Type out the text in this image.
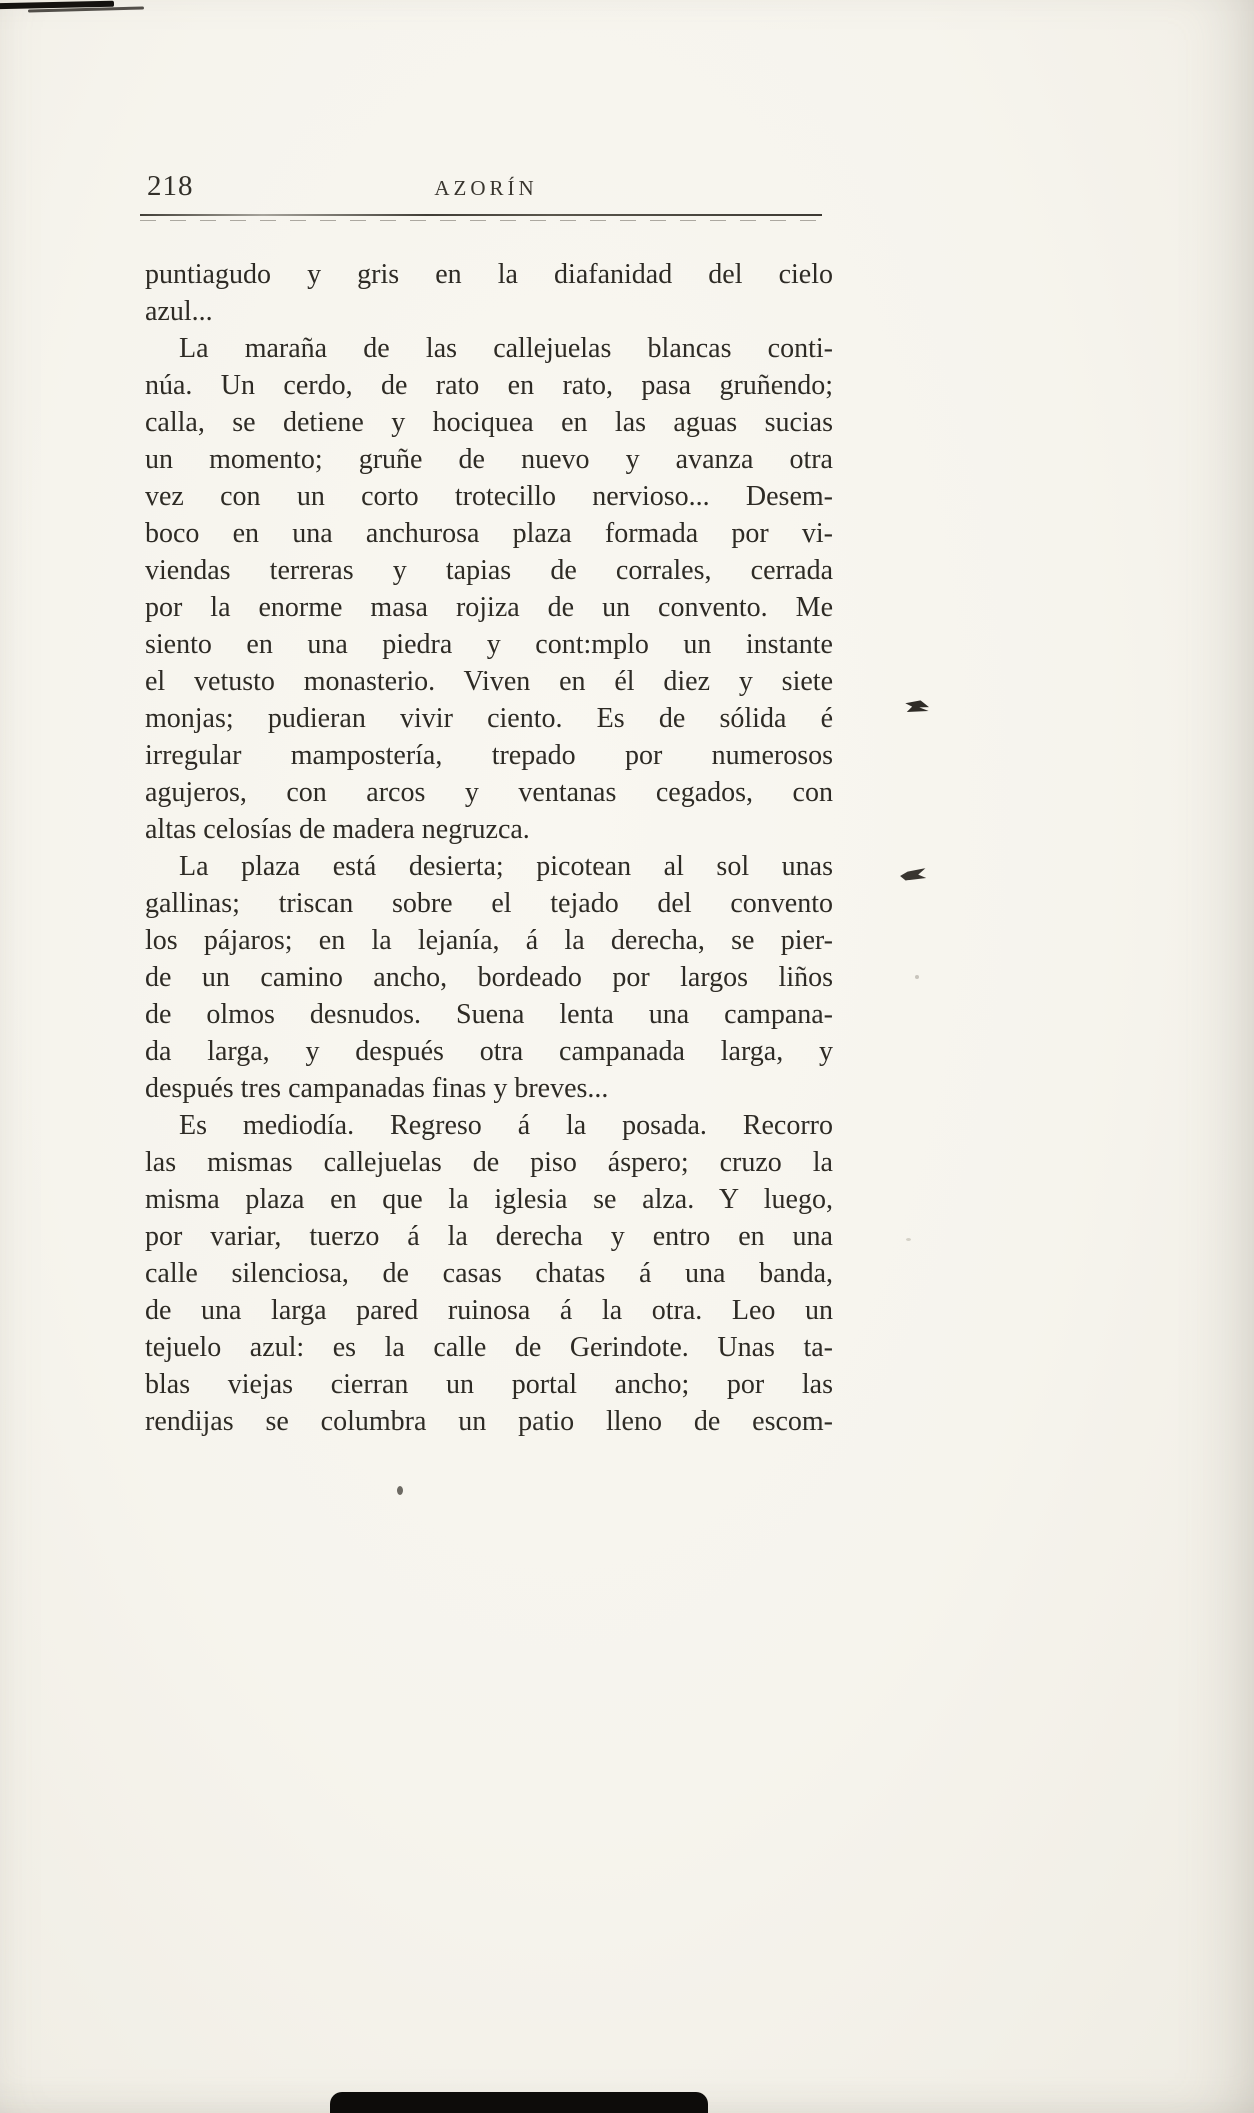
218	AZORÍN
puntiagudo y gris en la diafanidad del cielo
azul...
La maraña de las callejuelas blancas conti-
núa. Un cerdo, de rato en rato, pasa gruñendo;
calla, se detiene y hociquea en las aguas sucias
un momento; gruñe de nuevo y avanza otra
vez con un corto trotecillo nervioso... Desem-
boco en una anchurosa plaza formada por vi-
viendas terreras y tapias de corrales, cerrada
por la enorme masa rojiza de un convento. Me
siento en una piedra y cont:mplo un instante
el vetusto monasterio. Viven en él diez y siete
monjas; pudieran vivir ciento. Es de sólida é
irregular mampostería, trepado por numerosos
agujeros, con arcos y ventanas cegados, con
altas celosías de madera negruzca.
La plaza está desierta; picotean al sol unas
gallinas; triscan sobre el tejado del convento
los pájaros; en la lejanía, á la derecha, se pier-
de un camino ancho, bordeado por largos liños
de olmos desnudos. Suena lenta una campana-
da larga, y después otra campanada larga, y
después tres campanadas finas y breves...
Es mediodía. Regreso á la posada. Recorro
las mismas callejuelas de piso áspero; cruzo la
misma plaza en que la iglesia se alza. Y luego,
por variar, tuerzo á la derecha y entro en una
calle silenciosa, de casas chatas á una banda,
de una larga pared ruinosa á la otra. Leo un
tejuelo azul: es la calle de Gerindote. Unas ta-
blas viejas cierran un portal ancho; por las
rendijas se columbra un patio lleno de escom-
